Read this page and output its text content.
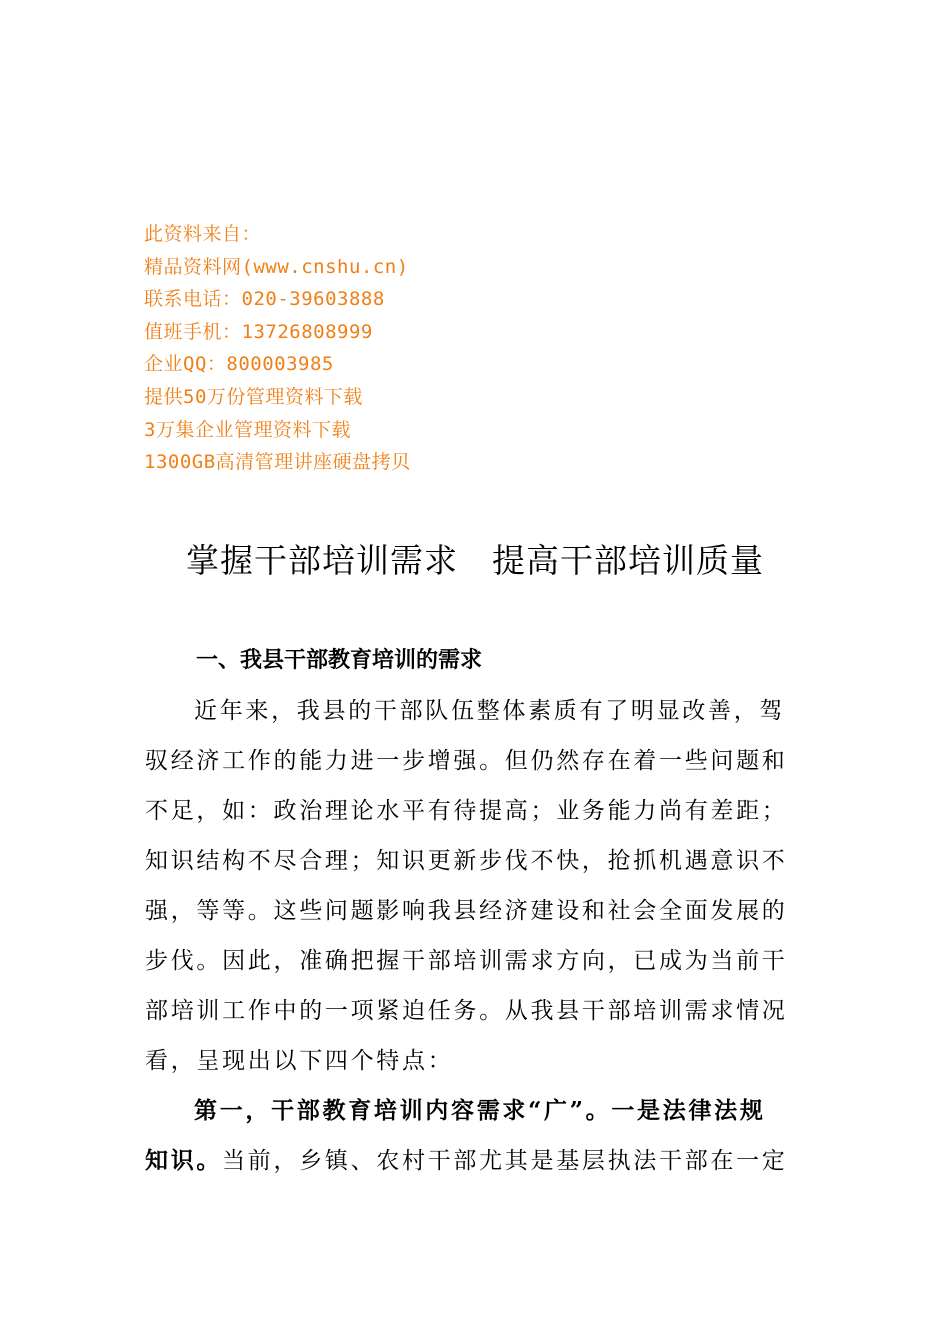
此资料来自：
精品资料网(www.cnshu.cn)
联系电话：020-39603888
值班手机：13726808999
企业QQ：800003985
提供50万份管理资料下载
3万集企业管理资料下载
1300GB高清管理讲座硬盘拷贝
掌握干部培训需求　提高干部培训质量
一、我县干部教育培训的需求
近年来，我县的干部队伍整体素质有了明显改善，驾
驭经济工作的能力进一步增强。但仍然存在着一些问题和
不足，如：政治理论水平有待提高；业务能力尚有差距；
知识结构不尽合理；知识更新步伐不快，抢抓机遇意识不
强，等等。这些问题影响我县经济建设和社会全面发展的
步伐。因此，准确把握干部培训需求方向，已成为当前干
部培训工作中的一项紧迫任务。从我县干部培训需求情况
看，呈现出以下四个特点：
第一，干部教育培训内容需求“广”。一是法律法规
知识。当前，乡镇、农村干部尤其是基层执法干部在一定
